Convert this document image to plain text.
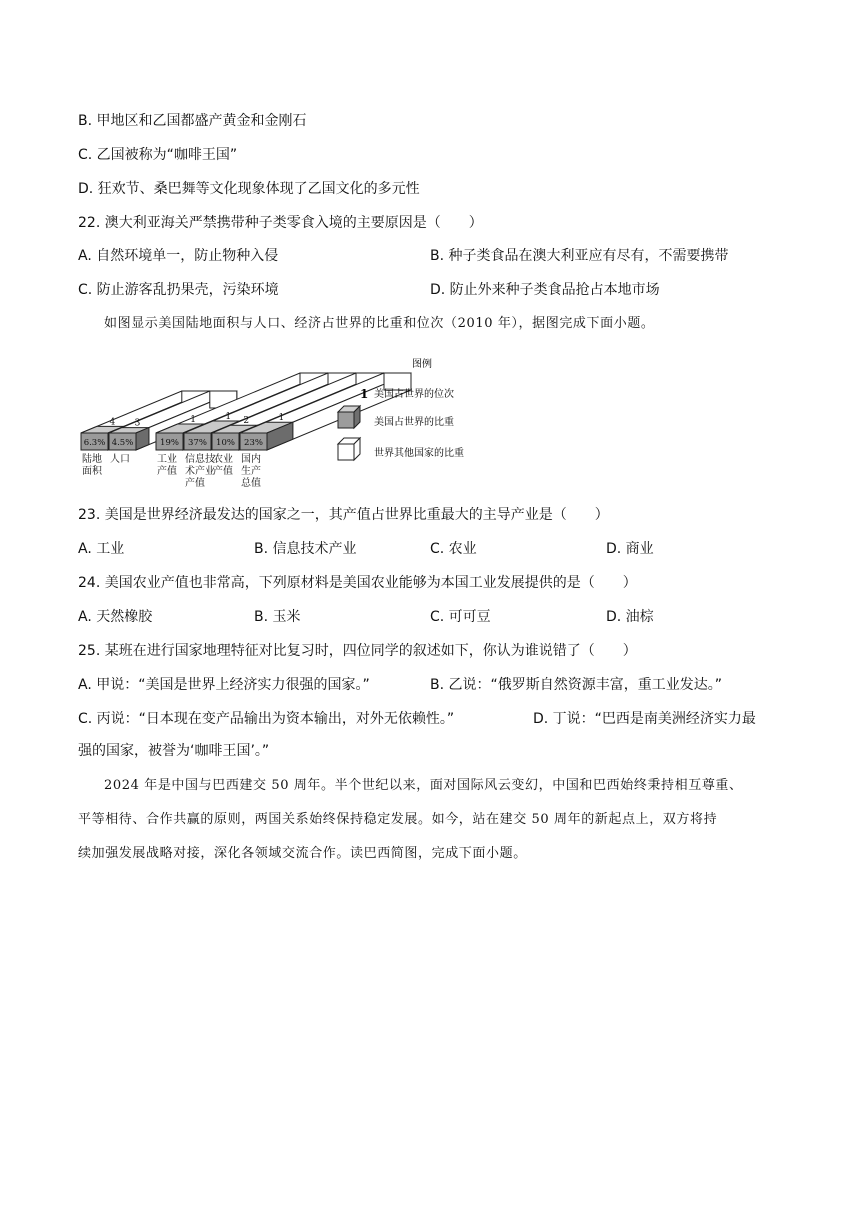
B. 甲地区和乙国都盛产黄金和金刚石
C. 乙国被称为“咖啡王国”
D. 狂欢节、桑巴舞等文化现象体现了乙国文化的多元性
22. 澳大利亚海关严禁携带种子类零食入境的主要原因是（　　）
A. 自然环境单一，防止物种入侵	B. 种子类食品在澳大利亚应有尽有，不需要携带
C. 防止游客乱扔果壳，污染环境	D. 防止外来种子类食品抢占本地市场
如图显示美国陆地面积与人口、经济占世界的比重和位次（2010 年），据图完成下面小题。
6.3%
4
陆地
面积
4.5%
3
人口
19%
1
工业
产值
37%
1
信息技
术产业
产值
10%
2
农业
产值
23%
1
国内
生产
总值
图例
1 美国占世界的位次
美国占世界的比重
世界其他国家的比重
23. 美国是世界经济最发达的国家之一，其产值占世界比重最大的主导产业是（　　）
A. 工业	B. 信息技术产业	C. 农业	D. 商业
24. 美国农业产值也非常高，下列原材料是美国农业能够为本国工业发展提供的是（　　）
A. 天然橡胶	B. 玉米	C. 可可豆	D. 油棕
25. 某班在进行国家地理特征对比复习时，四位同学的叙述如下，你认为谁说错了（　　）
A. 甲说：“美国是世界上经济实力很强的国家。”	B. 乙说：“俄罗斯自然资源丰富，重工业发达。”
C. 丙说：“日本现在变产品输出为资本输出，对外无依赖性。”	D. 丁说：“巴西是南美洲经济实力最
强的国家，被誉为‘咖啡王国’。”
2024 年是中国与巴西建交 50 周年。半个世纪以来，面对国际风云变幻，中国和巴西始终秉持相互尊重、
平等相待、合作共赢的原则，两国关系始终保持稳定发展。如今，站在建交 50 周年的新起点上，双方将持
续加强发展战略对接，深化各领域交流合作。读巴西简图，完成下面小题。
